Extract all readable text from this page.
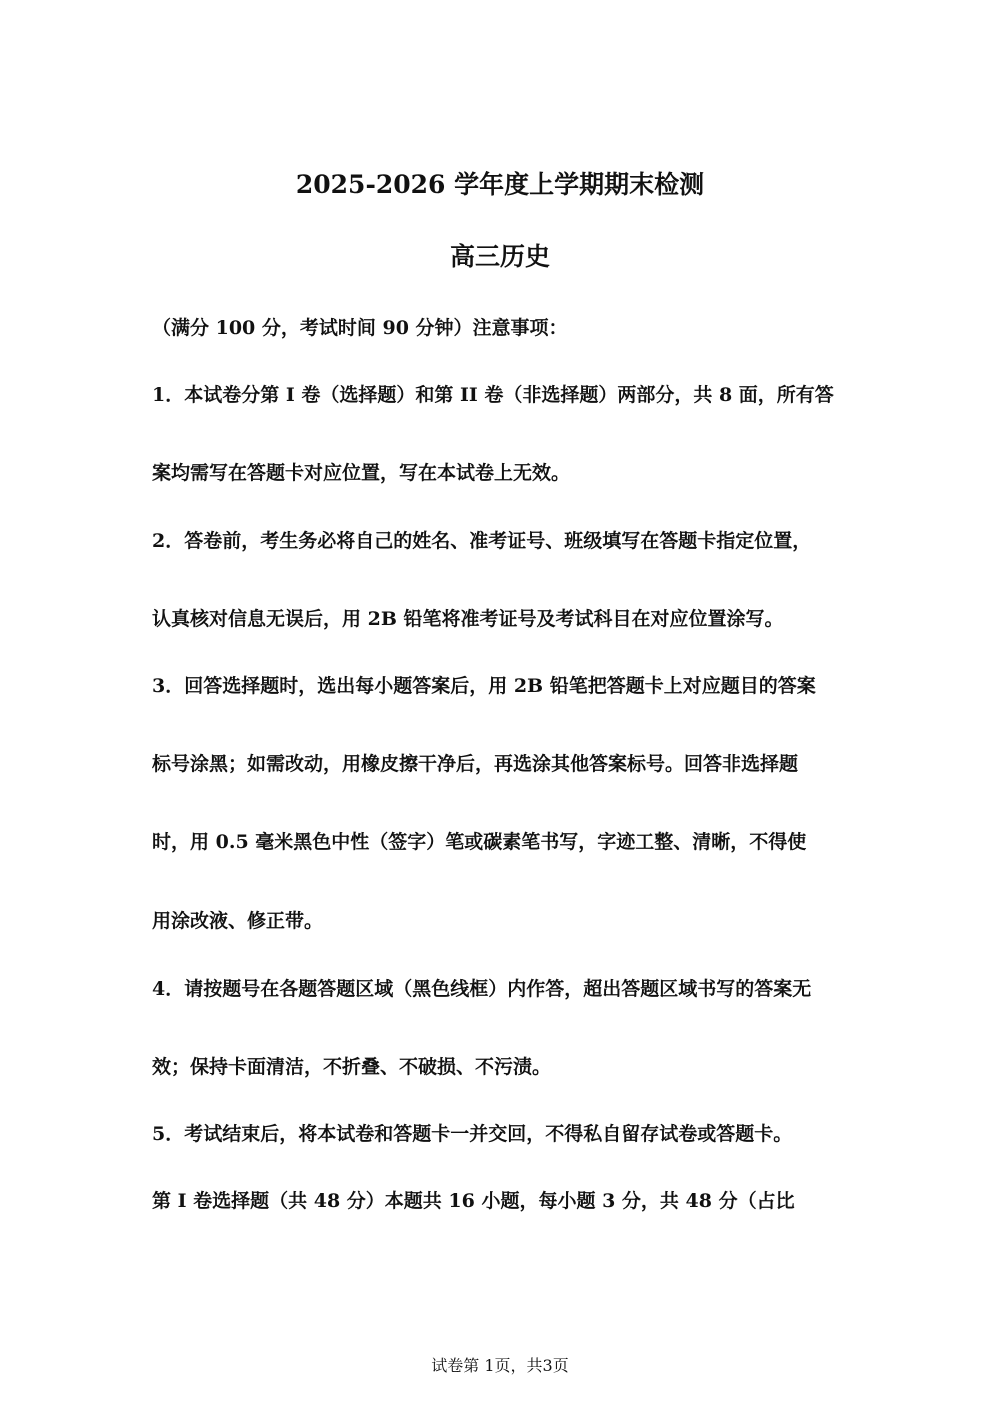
2025-2026 学年度上学期期末检测
高三历史
（满分 100 分，考试时间 90 分钟）注意事项：
1．本试卷分第 I 卷（选择题）和第 II 卷（非选择题）两部分，共 8 面，所有答
案均需写在答题卡对应位置，写在本试卷上无效。
2．答卷前，考生务必将自己的姓名、准考证号、班级填写在答题卡指定位置，
认真核对信息无误后，用 2B 铅笔将准考证号及考试科目在对应位置涂写。
3．回答选择题时，选出每小题答案后，用 2B 铅笔把答题卡上对应题目的答案
标号涂黑；如需改动，用橡皮擦干净后，再选涂其他答案标号。回答非选择题
时，用 0.5 毫米黑色中性（签字）笔或碳素笔书写，字迹工整、清晰，不得使
用涂改液、修正带。
4．请按题号在各题答题区域（黑色线框）内作答，超出答题区域书写的答案无
效；保持卡面清洁，不折叠、不破损、不污渍。
5．考试结束后，将本试卷和答题卡一并交回，不得私自留存试卷或答题卡。
第 I 卷选择题（共 48 分）本题共 16 小题，每小题 3 分，共 48 分（占比
试卷第 1页，共3页
